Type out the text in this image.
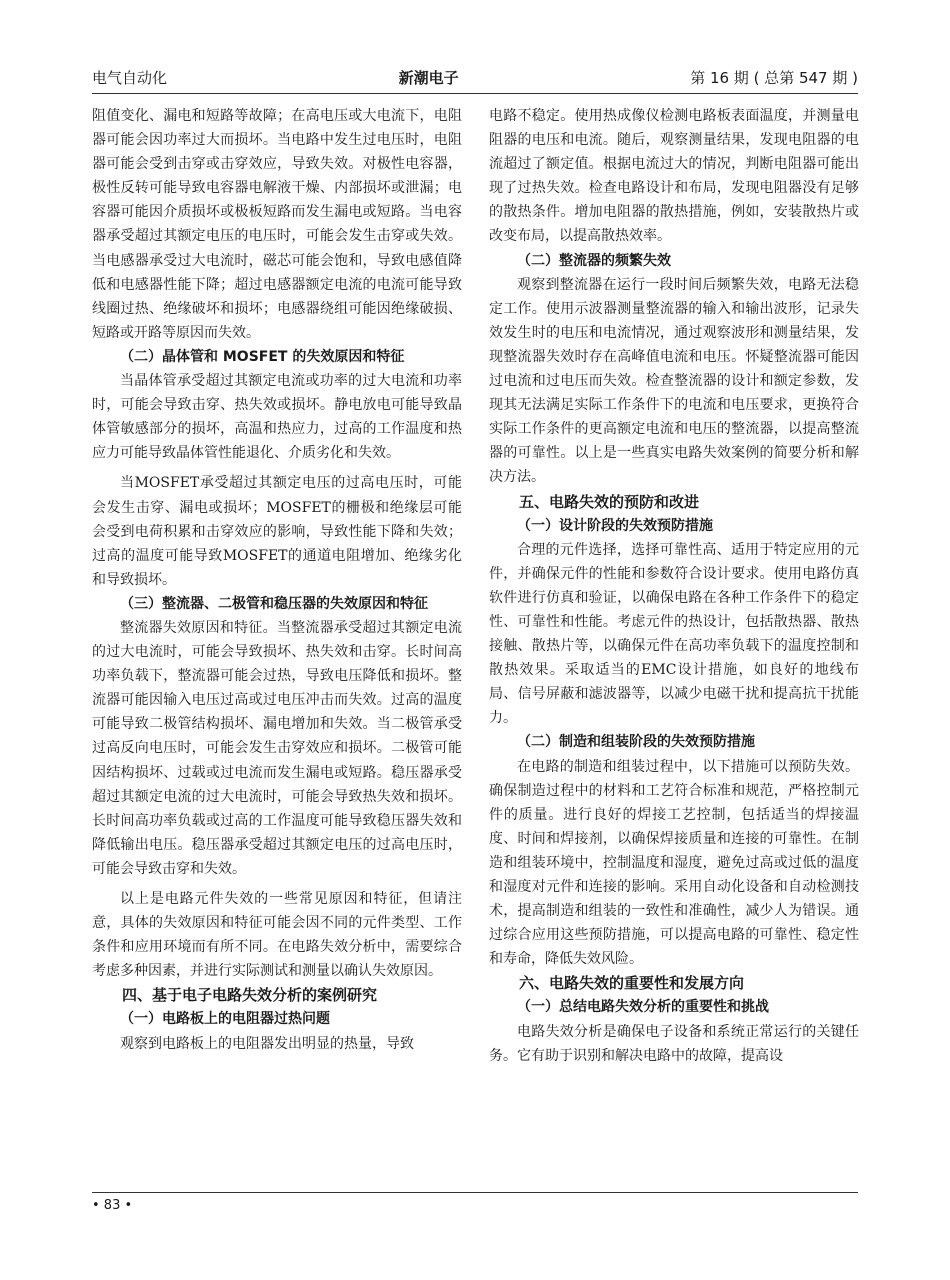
电气自动化	新潮电子	第 16 期 ( 总第 547 期 )

阻值变化、漏电和短路等故障；在高电压或大电流下，电阻器可能会因功率过大而损坏。当电路中发生过电压时，电阻器可能会受到击穿或击穿效应，导致失效。对极性电容器，极性反转可能导致电容器电解液干燥、内部损坏或泄漏；电容器可能因介质损坏或极板短路而发生漏电或短路。当电容器承受超过其额定电压的电压时，可能会发生击穿或失效。当电感器承受过大电流时，磁芯可能会饱和，导致电感值降低和电感器性能下降；超过电感器额定电流的电流可能导致线圈过热、绝缘破坏和损坏；电感器绕组可能因绝缘破损、短路或开路等原因而失效。

（二）晶体管和 MOSFET 的失效原因和特征

当晶体管承受超过其额定电流或功率的过大电流和功率时，可能会导致击穿、热失效或损坏。静电放电可能导致晶体管敏感部分的损坏，高温和热应力，过高的工作温度和热应力可能导致晶体管性能退化、介质劣化和失效。

当MOSFET承受超过其额定电压的过高电压时，可能会发生击穿、漏电或损坏；MOSFET的栅极和绝缘层可能会受到电荷积累和击穿效应的影响，导致性能下降和失效；过高的温度可能导致MOSFET的通道电阻增加、绝缘劣化和导致损坏。

（三）整流器、二极管和稳压器的失效原因和特征

整流器失效原因和特征。当整流器承受超过其额定电流的过大电流时，可能会导致损坏、热失效和击穿。长时间高功率负载下，整流器可能会过热，导致电压降低和损坏。整流器可能因输入电压过高或过电压冲击而失效。过高的温度可能导致二极管结构损坏、漏电增加和失效。当二极管承受过高反向电压时，可能会发生击穿效应和损坏。二极管可能因结构损坏、过载或过电流而发生漏电或短路。稳压器承受超过其额定电流的过大电流时，可能会导致热失效和损坏。长时间高功率负载或过高的工作温度可能导致稳压器失效和降低输出电压。稳压器承受超过其额定电压的过高电压时，可能会导致击穿和失效。

以上是电路元件失效的一些常见原因和特征，但请注意，具体的失效原因和特征可能会因不同的元件类型、工作条件和应用环境而有所不同。在电路失效分析中，需要综合考虑多种因素，并进行实际测试和测量以确认失效原因。

四、基于电子电路失效分析的案例研究
（一）电路板上的电阻器过热问题

观察到电路板上的电阻器发出明显的热量，导致

电路不稳定。使用热成像仪检测电路板表面温度，并测量电阻器的电压和电流。随后，观察测量结果，发现电阻器的电流超过了额定值。根据电流过大的情况，判断电阻器可能出现了过热失效。检查电路设计和布局，发现电阻器没有足够的散热条件。增加电阻器的散热措施，例如，安装散热片或改变布局，以提高散热效率。

（二）整流器的频繁失效

观察到整流器在运行一段时间后频繁失效，电路无法稳定工作。使用示波器测量整流器的输入和输出波形，记录失效发生时的电压和电流情况，通过观察波形和测量结果，发现整流器失效时存在高峰值电流和电压。怀疑整流器可能因过电流和过电压而失效。检查整流器的设计和额定参数，发现其无法满足实际工作条件下的电流和电压要求，更换符合实际工作条件的更高额定电流和电压的整流器，以提高整流器的可靠性。以上是一些真实电路失效案例的简要分析和解决方法。

五、电路失效的预防和改进
（一）设计阶段的失效预防措施

合理的元件选择，选择可靠性高、适用于特定应用的元件，并确保元件的性能和参数符合设计要求。使用电路仿真软件进行仿真和验证，以确保电路在各种工作条件下的稳定性、可靠性和性能。考虑元件的热设计，包括散热器、散热接触、散热片等，以确保元件在高功率负载下的温度控制和散热效果。采取适当的EMC设计措施，如良好的地线布局、信号屏蔽和滤波器等，以减少电磁干扰和提高抗干扰能力。

（二）制造和组装阶段的失效预防措施

在电路的制造和组装过程中，以下措施可以预防失效。确保制造过程中的材料和工艺符合标准和规范，严格控制元件的质量。进行良好的焊接工艺控制，包括适当的焊接温度、时间和焊接剂，以确保焊接质量和连接的可靠性。在制造和组装环境中，控制温度和湿度，避免过高或过低的温度和湿度对元件和连接的影响。采用自动化设备和自动检测技术，提高制造和组装的一致性和准确性，减少人为错误。通过综合应用这些预防措施，可以提高电路的可靠性、稳定性和寿命，降低失效风险。

六、电路失效的重要性和发展方向
（一）总结电路失效分析的重要性和挑战

电路失效分析是确保电子设备和系统正常运行的关键任务。它有助于识别和解决电路中的故障，提高设

• 83 •
